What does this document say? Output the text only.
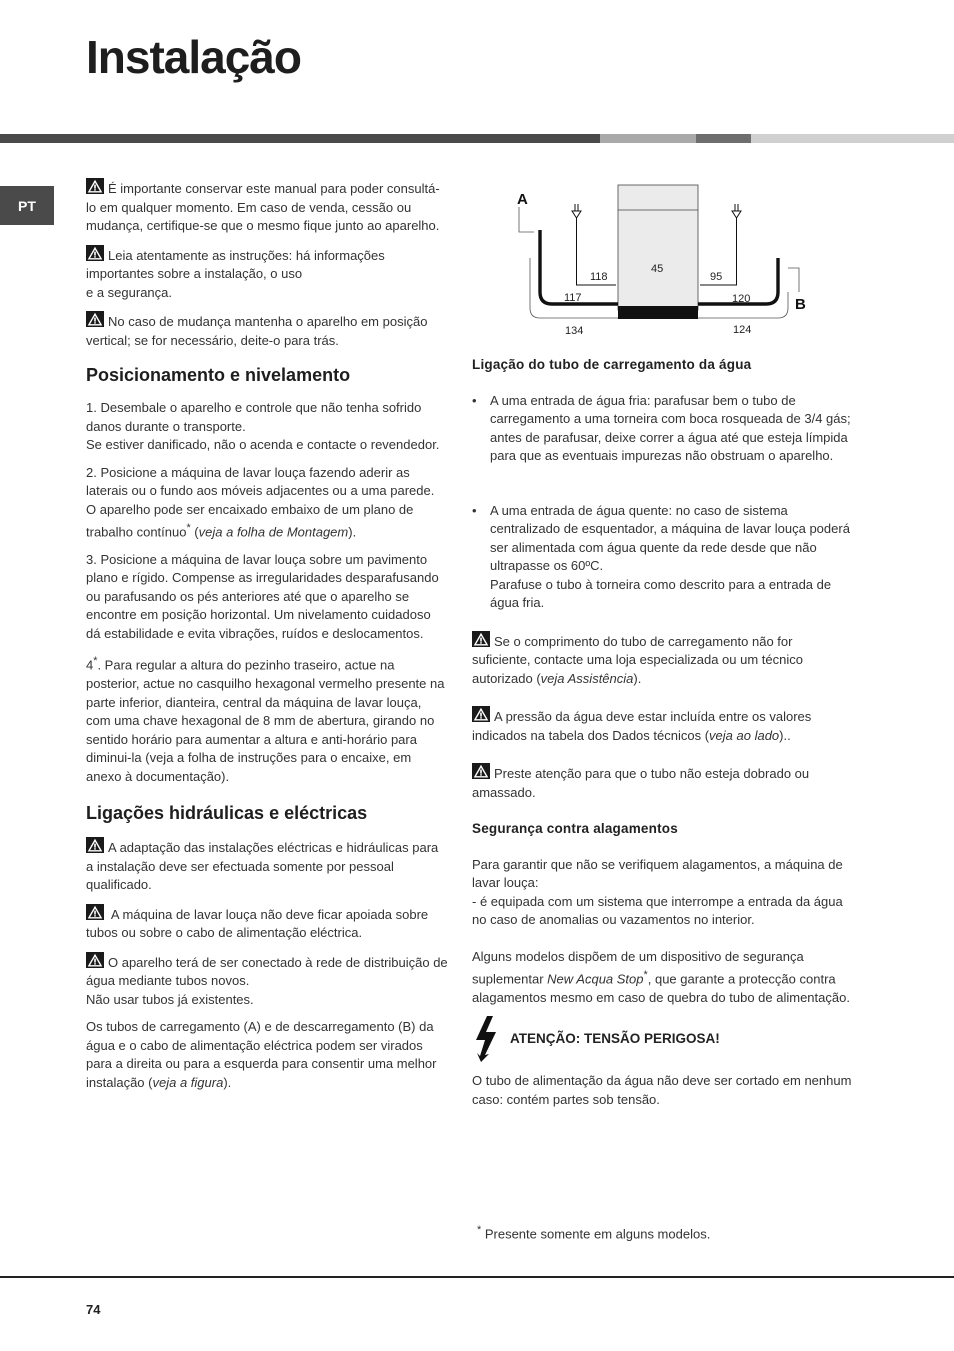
Instalação
PT

É importante conservar este manual para poder consultá-lo em qualquer momento. Em caso de venda, cessão ou mudança, certifique-se que o mesmo fique junto ao aparelho.

Leia atentamente as instruções: há informações importantes sobre a instalação, o uso
e a segurança.

No caso de mudança mantenha o aparelho em posição vertical; se for necessário, deite-o para trás.

Posicionamento e nivelamento

1. Desembale o aparelho e controle que não tenha sofrido danos durante o transporte.
Se estiver danificado, não o acenda e contacte o revendedor.

2. Posicione a máquina de lavar louça fazendo aderir as laterais ou o fundo aos móveis adjacentes ou a uma parede. O aparelho pode ser encaixado embaixo de um plano de trabalho contínuo* (veja a folha de Montagem).

3. Posicione a máquina de lavar louça sobre um pavimento plano e rígido. Compense as irregularidades desparafusando ou parafusando os pés anteriores até que o aparelho se encontre em posição horizontal. Um nivelamento cuidadoso dá estabilidade e evita vibrações, ruídos e deslocamentos.

4*. Para regular a altura do pezinho traseiro, actue na posterior, actue no casquilho hexagonal vermelho presente na parte inferior, dianteira, central da máquina de lavar louça, com uma chave hexagonal de 8 mm de abertura, girando no sentido horário para aumentar a altura e anti-horário para diminui-la (veja a folha de instruções para o encaixe, em anexo à documentação).

Ligações hidráulicas e eléctricas

A adaptação das instalações eléctricas e hidráulicas para a instalação deve ser efectuada somente por pessoal qualificado.

A máquina de lavar louça não deve ficar apoiada sobre tubos ou sobre o cabo de alimentação eléctrica.

O aparelho terá de ser conectado à rede de distribuição de água mediante tubos novos.
Não usar tubos já existentes.

Os tubos de carregamento (A) e de descarregamento (B) da água e o cabo de alimentação eléctrica podem ser virados para a direita ou para a esquerda para consentir uma melhor instalação (veja a figura).

A
B
45
118	95
117	120
134	124
Ligação do tubo de carregamento da água
• A uma entrada de água fria: parafusar bem o tubo de carregamento a uma torneira com boca rosqueada de 3/4 gás; antes de parafusar, deixe correr a água até que esteja límpida para que as eventuais impurezas não obstruam o aparelho.
• A uma entrada de água quente: no caso de sistema centralizado de esquentador, a máquina de lavar louça poderá ser alimentada com água quente da rede desde que não ultrapasse os 60ºC.
Parafuse o tubo à torneira como descrito para a entrada de água fria.

Se o comprimento do tubo de carregamento não for suficiente, contacte uma loja especializada ou um técnico autorizado (veja Assistência).

A pressão da água deve estar incluída entre os valores indicados na tabela dos Dados técnicos (veja ao lado)..

Preste atenção para que o tubo não esteja dobrado ou amassado.

Segurança contra alagamentos

Para garantir que não se verifiquem alagamentos, a máquina de lavar louça:
- é equipada com um sistema que interrompe a entrada da água no caso de anomalias ou vazamentos no interior.

Alguns modelos dispõem de um dispositivo de segurança suplementar New Acqua Stop*, que garante a protecção contra alagamentos mesmo em caso de quebra do tubo de alimentação.

ATENÇÃO: TENSÃO PERIGOSA!

O tubo de alimentação da água não deve ser cortado em nenhum caso: contém partes sob tensão.

* Presente somente em alguns modelos.
74
